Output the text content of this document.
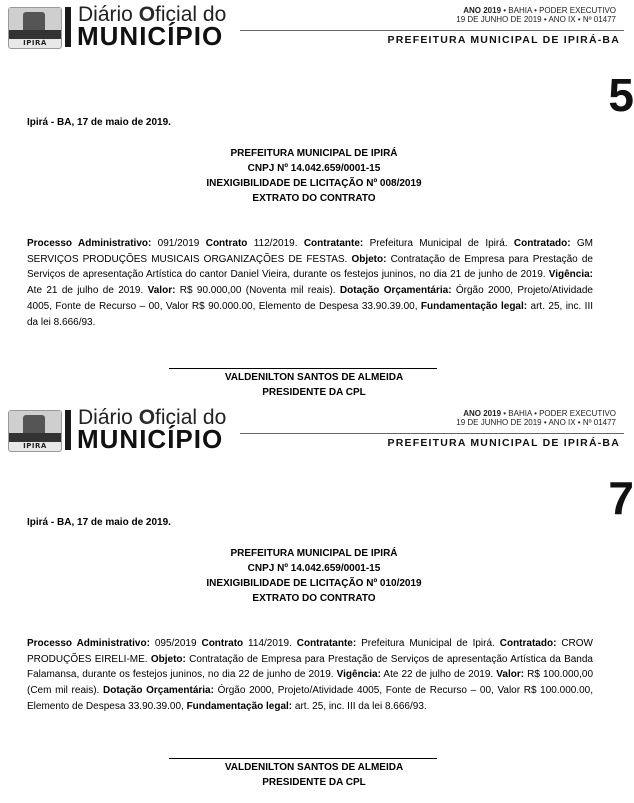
IPIRÁ
Diário Oficial do
MUNICÍPIO
ANO 2019 • BAHIA • PODER EXECUTIVO
19 DE JUNHO DE 2019 • ANO IX • Nº 01477
PREFEITURA MUNICIPAL DE IPIRÁ-BA
5
Ipirá - BA, 17 de maio de 2019.
PREFEITURA MUNICIPAL DE IPIRÁ
CNPJ Nº 14.042.659/0001-15
INEXIGIBILIDADE DE LICITAÇÃO Nº 008/2019
EXTRATO DO CONTRATO
Processo Administrativo: 091/2019 Contrato 112/2019. Contratante: Prefeitura Municipal de Ipirá. Contratado: GM SERVIÇOS PRODUÇÕES MUSICAIS ORGANIZAÇÕES DE FESTAS. Objeto: Contratação de Empresa para Prestação de Serviços de apresentação Artística do cantor Daniel Vieira, durante os festejos juninos, no dia 21 de junho de 2019. Vigência: Ate 21 de julho de 2019. Valor: R$ 90.000,00 (Noventa mil reais). Dotação Orçamentária: Órgão 2000, Projeto/Atividade 4005, Fonte de Recurso – 00, Valor R$ 90.000.00, Elemento de Despesa 33.90.39.00, Fundamentação legal: art. 25, inc. III da lei 8.666/93.
VALDENILTON SANTOS DE ALMEIDA
PRESIDENTE DA CPL
IPIRÁ
Diário Oficial do
MUNICÍPIO
ANO 2019 • BAHIA • PODER EXECUTIVO
19 DE JUNHO DE 2019 • ANO IX • Nº 01477
PREFEITURA MUNICIPAL DE IPIRÁ-BA
7
Ipirá - BA, 17 de maio de 2019.
PREFEITURA MUNICIPAL DE IPIRÁ
CNPJ Nº 14.042.659/0001-15
INEXIGIBILIDADE DE LICITAÇÃO Nº 010/2019
EXTRATO DO CONTRATO
Processo Administrativo: 095/2019 Contrato 114/2019. Contratante: Prefeitura Municipal de Ipirá. Contratado: CROW PRODUÇÕES EIRELI-ME. Objeto: Contratação de Empresa para Prestação de Serviços de apresentação Artística da Banda Falamansa, durante os festejos juninos, no dia 22 de junho de 2019. Vigência: Ate 22 de julho de 2019. Valor: R$ 100.000,00 (Cem mil reais). Dotação Orçamentária: Órgão 2000, Projeto/Atividade 4005, Fonte de Recurso – 00, Valor R$ 100.000.00, Elemento de Despesa 33.90.39.00, Fundamentação legal: art. 25, inc. III da lei 8.666/93.
VALDENILTON SANTOS DE ALMEIDA
PRESIDENTE DA CPL
